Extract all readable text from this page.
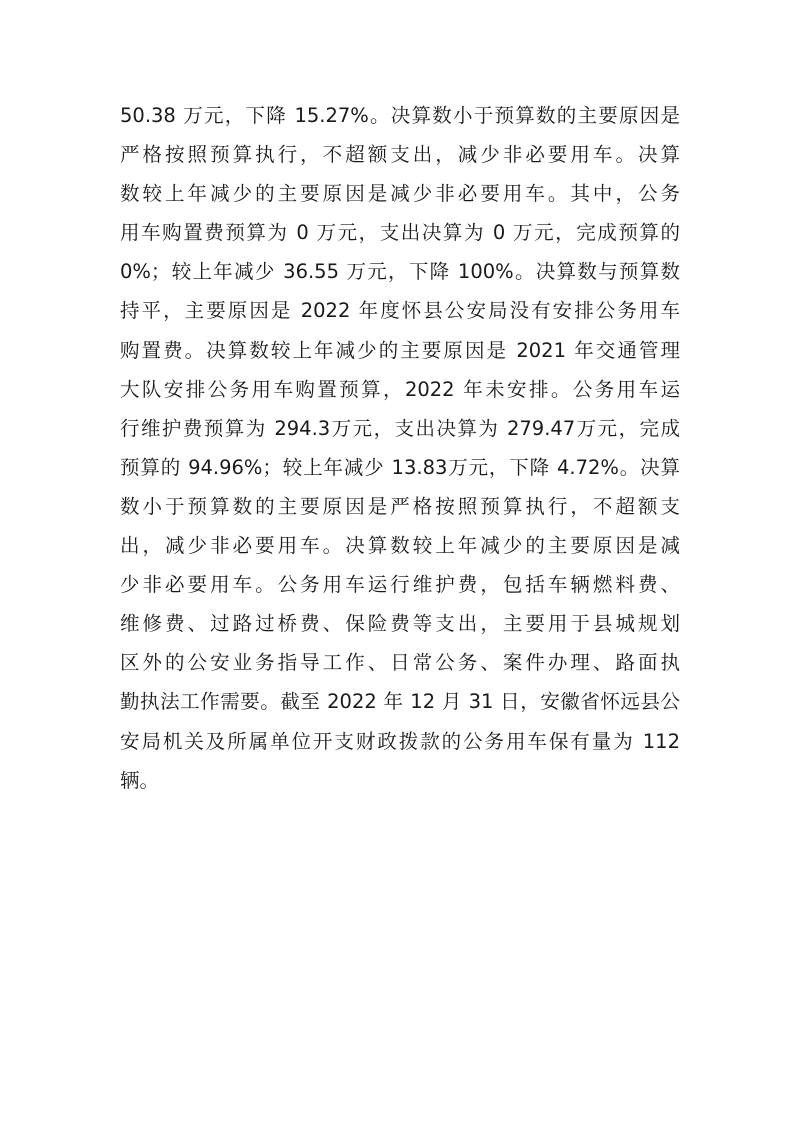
50.38 万元，下降 15.27%。决算数小于预算数的主要原因是
严格按照预算执行，不超额支出，减少非必要用车。决算
数较上年减少的主要原因是减少非必要用车。其中，公务
用车购置费预算为 0 万元，支出决算为 0 万元，完成预算的
0%；较上年减少 36.55 万元，下降 100%。决算数与预算数
持平，主要原因是 2022 年度怀县公安局没有安排公务用车
购置费。决算数较上年减少的主要原因是 2021 年交通管理
大队安排公务用车购置预算，2022 年未安排。公务用车运
行维护费预算为 294.3万元，支出决算为 279.47万元，完成
预算的 94.96%；较上年减少 13.83万元，下降 4.72%。决算
数小于预算数的主要原因是严格按照预算执行，不超额支
出，减少非必要用车。决算数较上年减少的主要原因是减
少非必要用车。公务用车运行维护费，包括车辆燃料费、
维修费、过路过桥费、保险费等支出，主要用于县城规划
区外的公安业务指导工作、日常公务、案件办理、路面执
勤执法工作需要。截至 2022 年 12 月 31 日，安徽省怀远县公
安局机关及所属单位开支财政拨款的公务用车保有量为 112
辆。
